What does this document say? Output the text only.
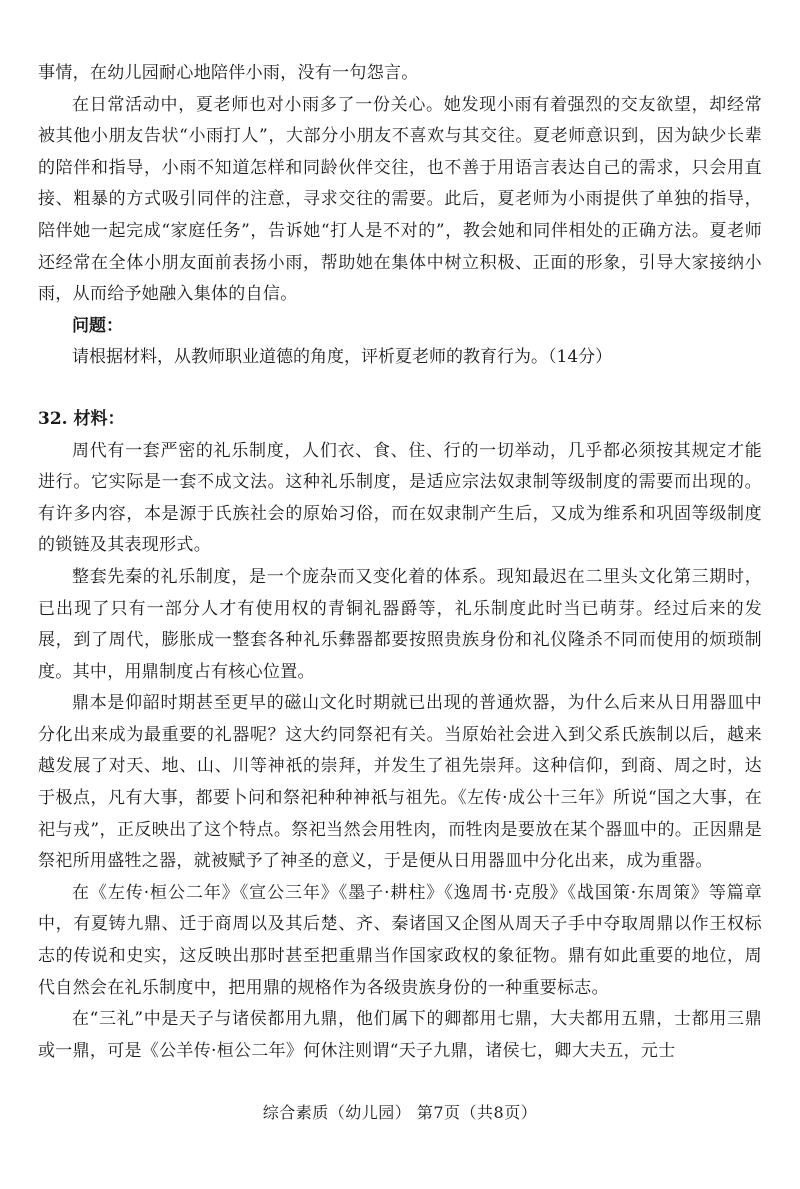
事情，在幼儿园耐心地陪伴小雨，没有一句怨言。

在日常活动中，夏老师也对小雨多了一份关心。她发现小雨有着强烈的交友欲望，却经常被其他小朋友告状“小雨打人”，大部分小朋友不喜欢与其交往。夏老师意识到，因为缺少长辈的陪伴和指导，小雨不知道怎样和同龄伙伴交往，也不善于用语言表达自己的需求，只会用直接、粗暴的方式吸引同伴的注意，寻求交往的需要。此后，夏老师为小雨提供了单独的指导，陪伴她一起完成“家庭任务”，告诉她“打人是不对的”，教会她和同伴相处的正确方法。夏老师还经常在全体小朋友面前表扬小雨，帮助她在集体中树立积极、正面的形象，引导大家接纳小雨，从而给予她融入集体的自信。

问题：

请根据材料，从教师职业道德的角度，评析夏老师的教育行为。（14分）

32. 材料：

周代有一套严密的礼乐制度，人们衣、食、住、行的一切举动，几乎都必须按其规定才能进行。它实际是一套不成文法。这种礼乐制度，是适应宗法奴隶制等级制度的需要而出现的。有许多内容，本是源于氏族社会的原始习俗，而在奴隶制产生后，又成为维系和巩固等级制度的锁链及其表现形式。

整套先秦的礼乐制度，是一个庞杂而又变化着的体系。现知最迟在二里头文化第三期时，已出现了只有一部分人才有使用权的青铜礼器爵等，礼乐制度此时当已萌芽。经过后来的发展，到了周代，膨胀成一整套各种礼乐彝器都要按照贵族身份和礼仪隆杀不同而使用的烦琐制度。其中，用鼎制度占有核心位置。

鼎本是仰韶时期甚至更早的磁山文化时期就已出现的普通炊器，为什么后来从日用器皿中分化出来成为最重要的礼器呢？这大约同祭祀有关。当原始社会进入到父系氏族制以后，越来越发展了对天、地、山、川等神祇的崇拜，并发生了祖先崇拜。这种信仰，到商、周之时，达于极点，凡有大事，都要卜问和祭祀种种神祇与祖先。《左传·成公十三年》所说“国之大事，在祀与戎”，正反映出了这个特点。祭祀当然会用牲肉，而牲肉是要放在某个器皿中的。正因鼎是祭祀所用盛牲之器，就被赋予了神圣的意义，于是便从日用器皿中分化出来，成为重器。

在《左传·桓公二年》《宣公三年》《墨子·耕柱》《逸周书·克殷》《战国策·东周策》等篇章中，有夏铸九鼎、迁于商周以及其后楚、齐、秦诸国又企图从周天子手中夺取周鼎以作王权标志的传说和史实，这反映出那时甚至把重鼎当作国家政权的象征物。鼎有如此重要的地位，周代自然会在礼乐制度中，把用鼎的规格作为各级贵族身份的一种重要标志。

在“三礼”中是天子与诸侯都用九鼎，他们属下的卿都用七鼎，大夫都用五鼎，士都用三鼎或一鼎，可是《公羊传·桓公二年》何休注则谓“天子九鼎，诸侯七，卿大夫五，元士

综合素质（幼儿园） 第7页（共8页）
